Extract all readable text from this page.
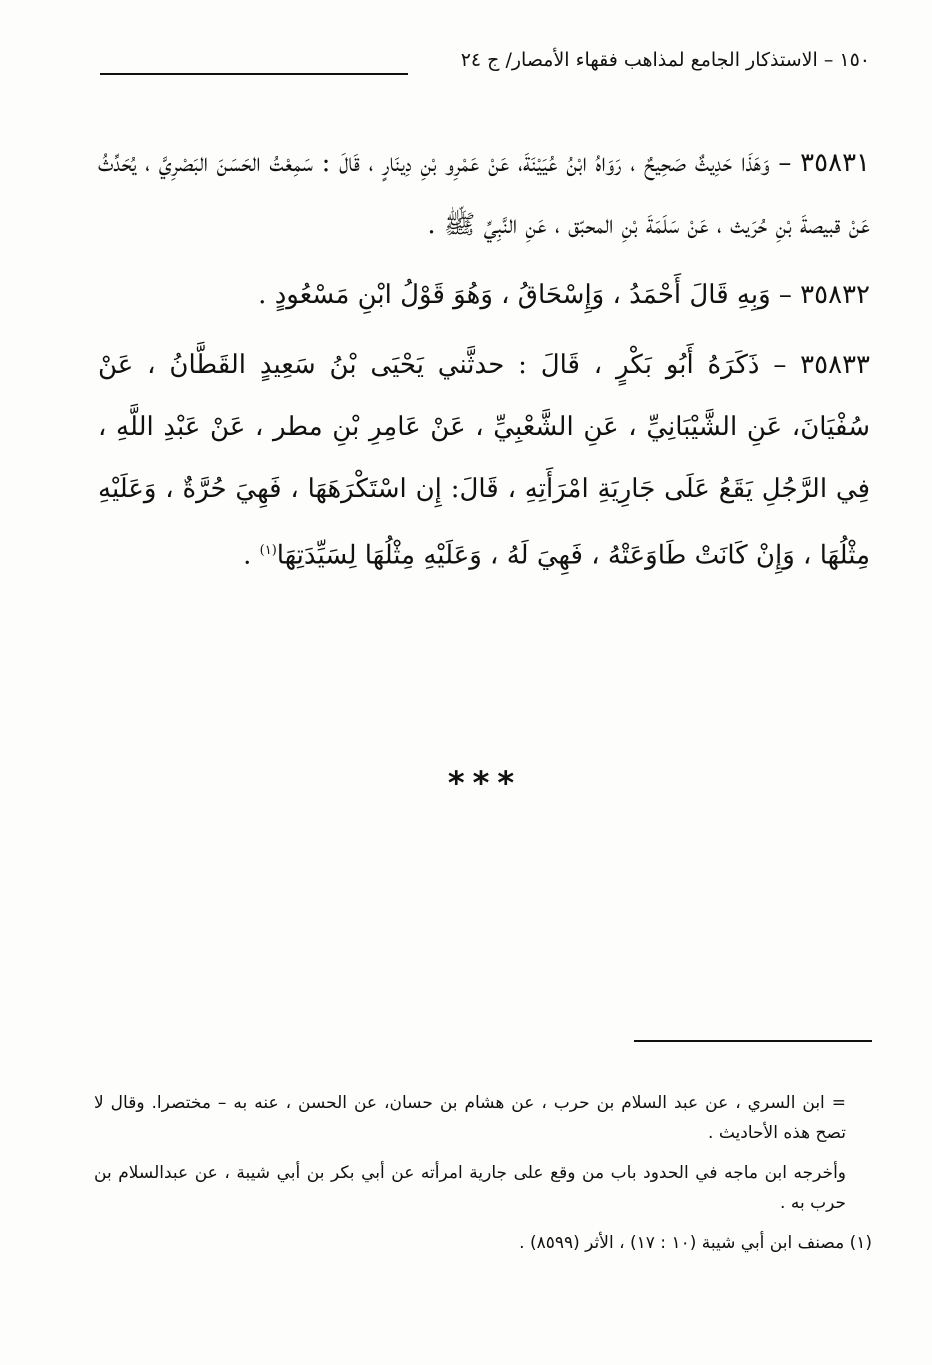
١٥٠ – الاستذكار الجامع لمذاهب فقهاء الأمصار/ ج ٢٤

٣٥٨٣١ – وَهَذَا حَدِيثٌ صَحِيحٌ ، رَوَاهُ ابْنُ عُيَيْنَةَ، عَنْ عَمْرِو بْنِ دِينَارٍ ، قَالَ : سَمِعْتُ الحَسَنَ البَصْرِيَّ ، يُحَدِّثُ عَنْ قبيصةَ بْنِ حُرَيث ، عَنْ سَلَمَةَ بْنِ المحبّق ، عَنِ النَّبِيِّ ﷺ .

٣٥٨٣٢ – وَبِهِ قَالَ أَحْمَدُ ، وَإِسْحَاقُ ، وَهُوَ قَوْلُ ابْنِ مَسْعُودٍ .

٣٥٨٣٣ – ذَكَرَهُ أَبُو بَكْرٍ ، قَالَ : حدثَّني يَحْيَى بْنُ سَعِيدٍ القَطَّانُ ، عَنْ سُفْيَانَ، عَنِ الشَّيْبَانِيِّ ، عَنِ الشَّعْبِيِّ ، عَنْ عَامِرِ بْنِ مطر ، عَنْ عَبْدِ اللَّهِ ، فِي الرَّجُلِ يَقَعُ عَلَى جَارِيَةِ امْرَأَتِهِ ، قَالَ: إِن اسْتَكْرَهَهَا ، فَهِيَ حُرَّةٌ ، وَعَلَيْهِ مِثْلُهَا ، وَإِنْ كَانَتْ طَاوَعَتْهُ ، فَهِيَ لَهُ ، وَعَلَيْهِ مِثْلُهَا لِسَيِّدَتِهَا$^{(١)}$ .

***

= ابن السري ، عن عبد السلام بن حرب ، عن هشام بن حسان، عن الحسن ، عنه به – مختصرا. وقال لا تصح هذه الأحاديث .

وأخرجه ابن ماجه في الحدود باب من وقع على جارية امرأته عن أبي بكر بن أبي شيبة ، عن عبدالسلام بن حرب به .

(١) مصنف ابن أبي شيبة (١٠ : ١٧) ، الأثر (٨٥٩٩) .
